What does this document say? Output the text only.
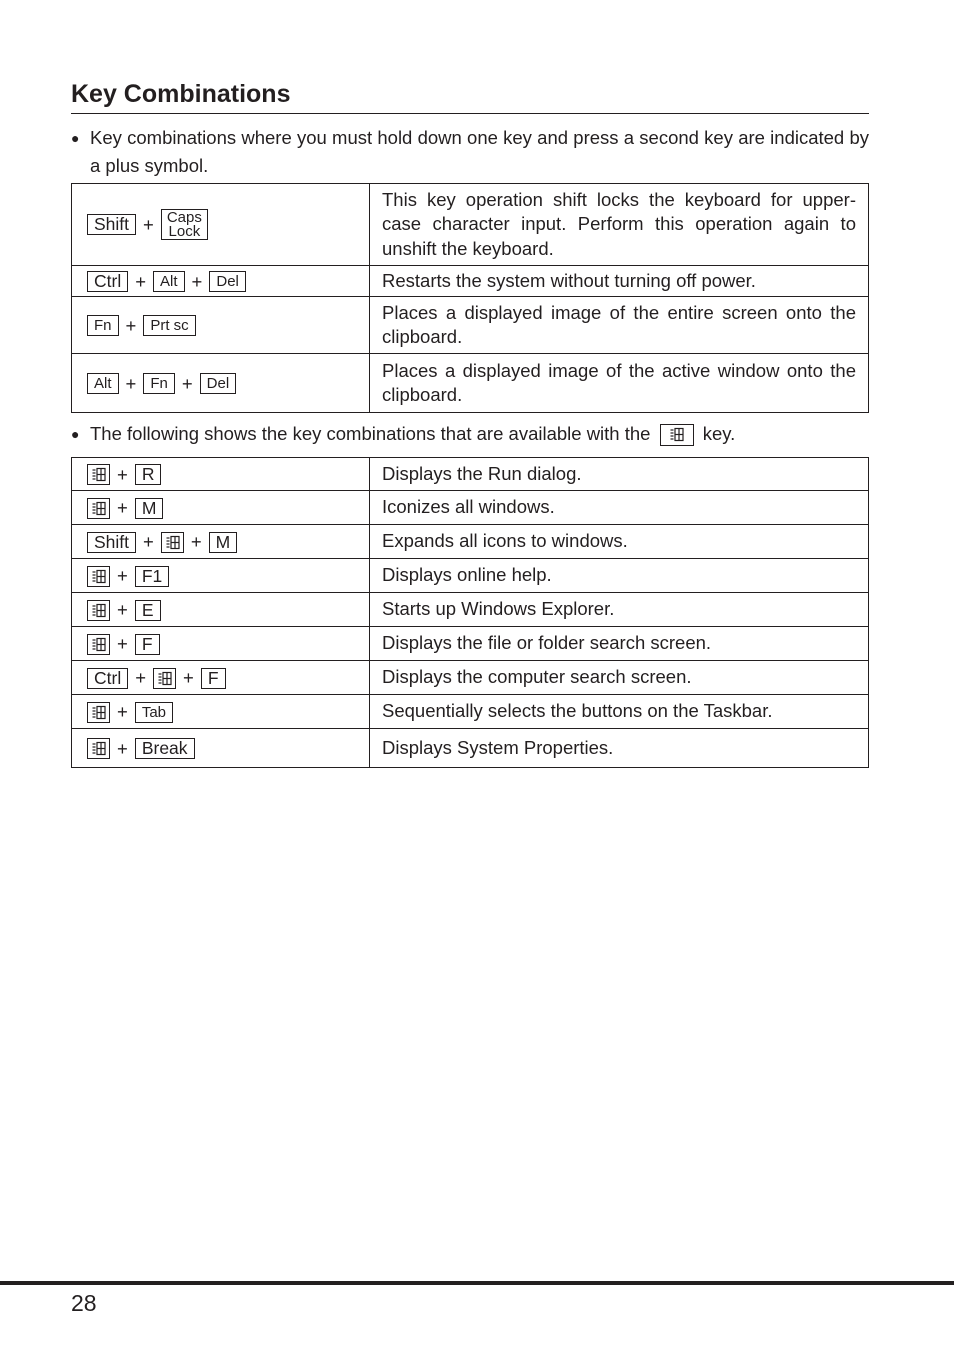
Key Combinations
● Key combinations where you must hold down one key and press a second key are indicated by a plus symbol.
Shift + Caps
Lock	This key operation shift locks the keyboard for upper-case character input. Perform this operation again to unshift the keyboard.
Ctrl + Alt + Del	Restarts the system without turning off power.
Fn + Prt sc	Places a displayed image of the entire screen onto the clipboard.
Alt + Fn + Del	Places a displayed image of the active window onto the clipboard.
● The following shows the key combinations that are available with the	key.
+ R	Displays the Run dialog.

+ M	Iconizes all windows.
Shift + + M	Expands all icons to windows.

+ F1	Displays online help.

+ E	Starts up Windows Explorer.

+ F	Displays the file or folder search screen.
Ctrl + + F	Displays the computer search screen.

+ Tab	Sequentially selects the buttons on the Taskbar.

+ Break	Displays System Properties.
28
